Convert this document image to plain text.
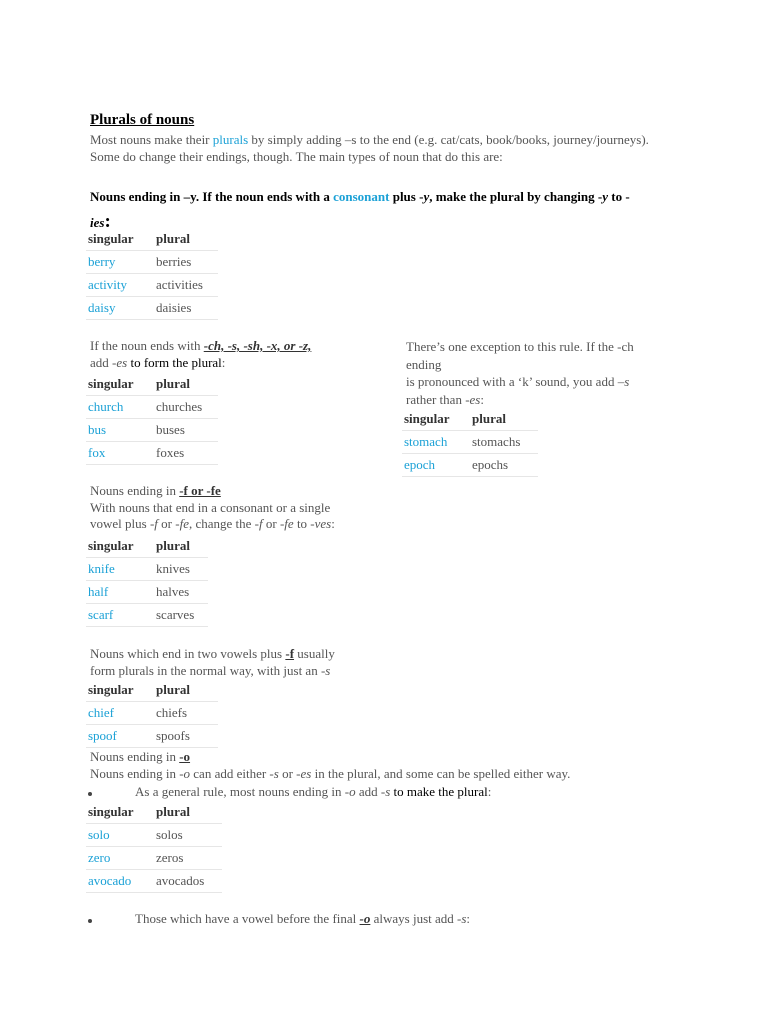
Plurals of nouns
Most nouns make their plurals by simply adding –s to the end (e.g. cat/cats, book/books, journey/journeys). Some do change their endings, though. The main types of noun that do this are:
Nouns ending in –y. If the noun ends with a consonant plus -y, make the plural by changing -y to -ies:
singular	plural
berry	berries
activity	activities
daisy	daisies
If the noun ends with -ch, -s, -sh, -x, or -z,
add -es to form the plural:
singular	plural
church	churches
bus	buses
fox	foxes
There’s one exception to this rule. If the -ch
ending
is pronounced with a ‘k’ sound, you add –s
rather than -es:
singular	plural
stomach	stomachs
epoch	epochs
Nouns ending in -f or -fe
With nouns that end in a consonant or a single
vowel plus -f or -fe, change the -f or -fe to -ves:
singular	plural
knife	knives
half	halves
scarf	scarves
Nouns which end in two vowels plus -f usually
form plurals in the normal way, with just an -s
singular	plural
chief	chiefs
spoof	spoofs
Nouns ending in -o
Nouns ending in -o can add either -s or -es in the plural, and some can be spelled either way.
As a general rule, most nouns ending in -o add -s to make the plural:
singular	plural
solo	solos
zero	zeros
avocado	avocados
Those which have a vowel before the final -o always just add -s:
